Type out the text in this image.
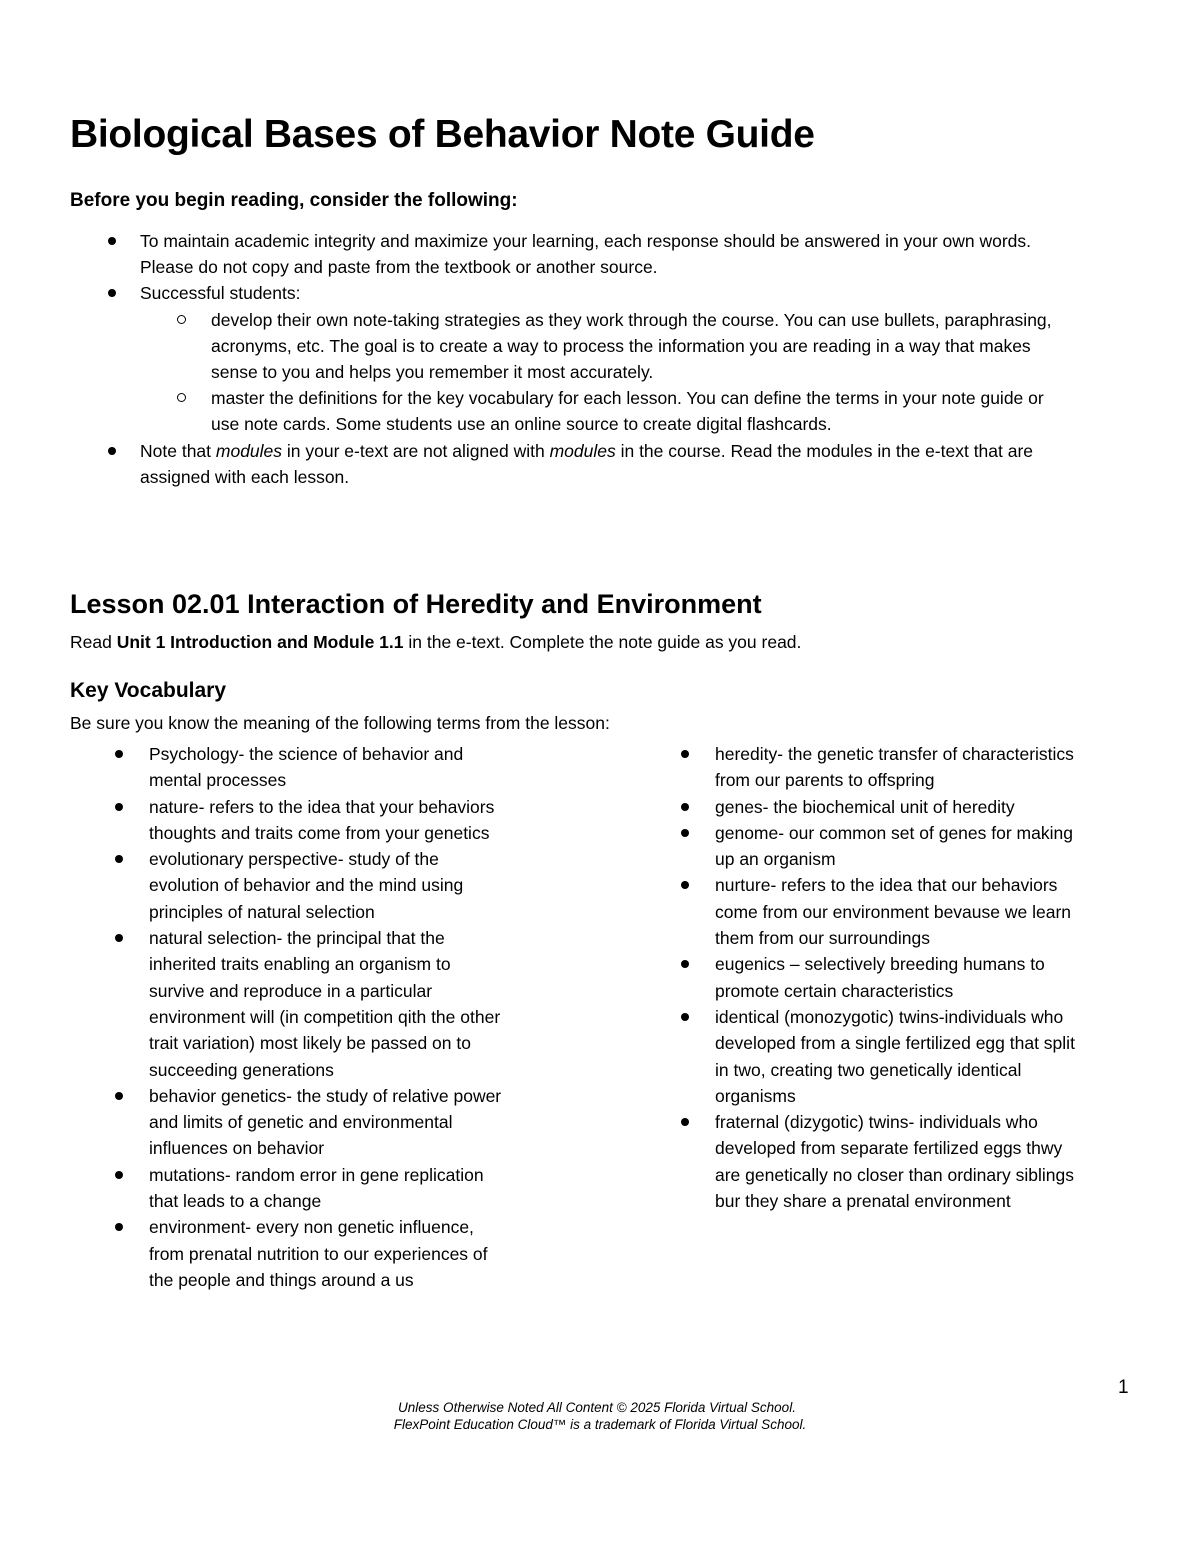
Biological Bases of Behavior Note Guide

Before you begin reading, consider the following:

To maintain academic integrity and maximize your learning, each response should be answered in your own words. Please do not copy and paste from the textbook or another source.
Successful students:
develop their own note-taking strategies as they work through the course. You can use bullets, paraphrasing, acronyms, etc. The goal is to create a way to process the information you are reading in a way that makes sense to you and helps you remember it most accurately.
master the definitions for the key vocabulary for each lesson. You can define the terms in your note guide or use note cards. Some students use an online source to create digital flashcards.
Note that modules in your e-text are not aligned with modules in the course. Read the modules in the e-text that are assigned with each lesson.
Lesson 02.01 Interaction of Heredity and Environment

Read Unit 1 Introduction and Module 1.1 in the e-text. Complete the note guide as you read.

Key Vocabulary

Be sure you know the meaning of the following terms from the lesson:

Psychology- the science of behavior and mental processes
nature- refers to the idea that your behaviors thoughts and traits come from your genetics
evolutionary perspective- study of the evolution of behavior and the mind using principles of natural selection
natural selection- the principal that the inherited traits enabling an organism to survive and reproduce in a particular environment will (in competition qith the other trait variation) most likely be passed on to succeeding generations
behavior genetics- the study of relative power and limits of genetic and environmental influences on behavior
mutations- random error in gene replication that leads to a change
environment- every non genetic influence, from prenatal nutrition to our experiences of the people and things around a us
heredity- the genetic transfer of characteristics from our parents to offspring
genes- the biochemical unit of heredity
genome- our common set of genes for making up an organism
nurture- refers to the idea that our behaviors come from our environment bevause we learn them from our surroundings
eugenics – selectively breeding humans to promote certain characteristics
identical (monozygotic) twins-individuals who developed from a single fertilized egg that split in two, creating two genetically identical organisms
fraternal (dizygotic) twins- individuals who developed from separate fertilized eggs thwy are genetically no closer than ordinary siblings bur they share a prenatal environment

1

Unless Otherwise Noted All Content © 2025 Florida Virtual School.

FlexPoint Education Cloud™ is a trademark of Florida Virtual School.
